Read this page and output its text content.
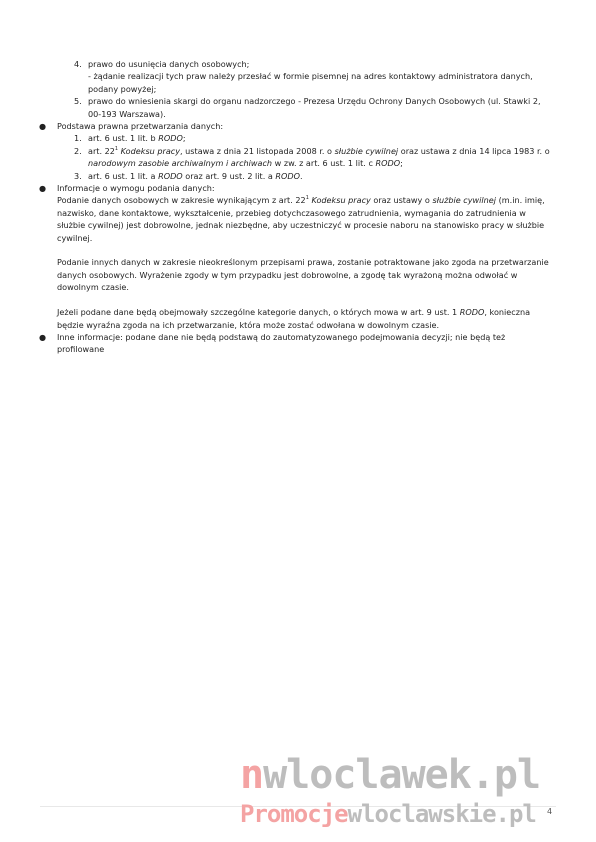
4. prawo do usunięcia danych osobowych;
- żądanie realizacji tych praw należy przesłać w formie pisemnej na adres kontaktowy administratora danych,
podany powyżej;
5. prawo do wniesienia skargi do organu nadzorczego - Prezesa Urzędu Ochrony Danych Osobowych (ul. Stawki 2,
00-193 Warszawa).
● Podstawa prawna przetwarzania danych:
1. art. 6 ust. 1 lit. b RODO;
2. art. $22^1$ Kodeksu pracy, ustawa z dnia 21 listopada 2008 r. o służbie cywilnej oraz ustawa z dnia 14 lipca 1983 r. o
narodowym zasobie archiwalnym i archiwach w zw. z art. 6 ust. 1 lit. c RODO;
3. art. 6 ust. 1 lit. a RODO oraz art. 9 ust. 2 lit. a RODO.
● Informacje o wymogu podania danych:
Podanie danych osobowych w zakresie wynikającym z art. $22^1$ Kodeksu pracy oraz ustawy o służbie cywilnej (m.in. imię,
nazwisko, dane kontaktowe, wykształcenie, przebieg dotychczasowego zatrudnienia, wymagania do zatrudnienia w
służbie cywilnej) jest dobrowolne, jednak niezbędne, aby uczestniczyć w procesie naboru na stanowisko pracy w służbie
cywilnej.
Podanie innych danych w zakresie nieokreślonym przepisami prawa, zostanie potraktowane jako zgoda na przetwarzanie
danych osobowych. Wyrażenie zgody w tym przypadku jest dobrowolne, a zgodę tak wyrażoną można odwołać w
dowolnym czasie.
Jeżeli podane dane będą obejmowały szczególne kategorie danych, o których mowa w art. 9 ust. 1 RODO, konieczna
będzie wyraźna zgoda na ich przetwarzanie, która może zostać odwołana w dowolnym czasie.
● Inne informacje: podane dane nie będą podstawą do zautomatyzowanego podejmowania decyzji; nie będą też
profilowane
4
nwloclawek.pl
Promocjewloclawskie.pl
